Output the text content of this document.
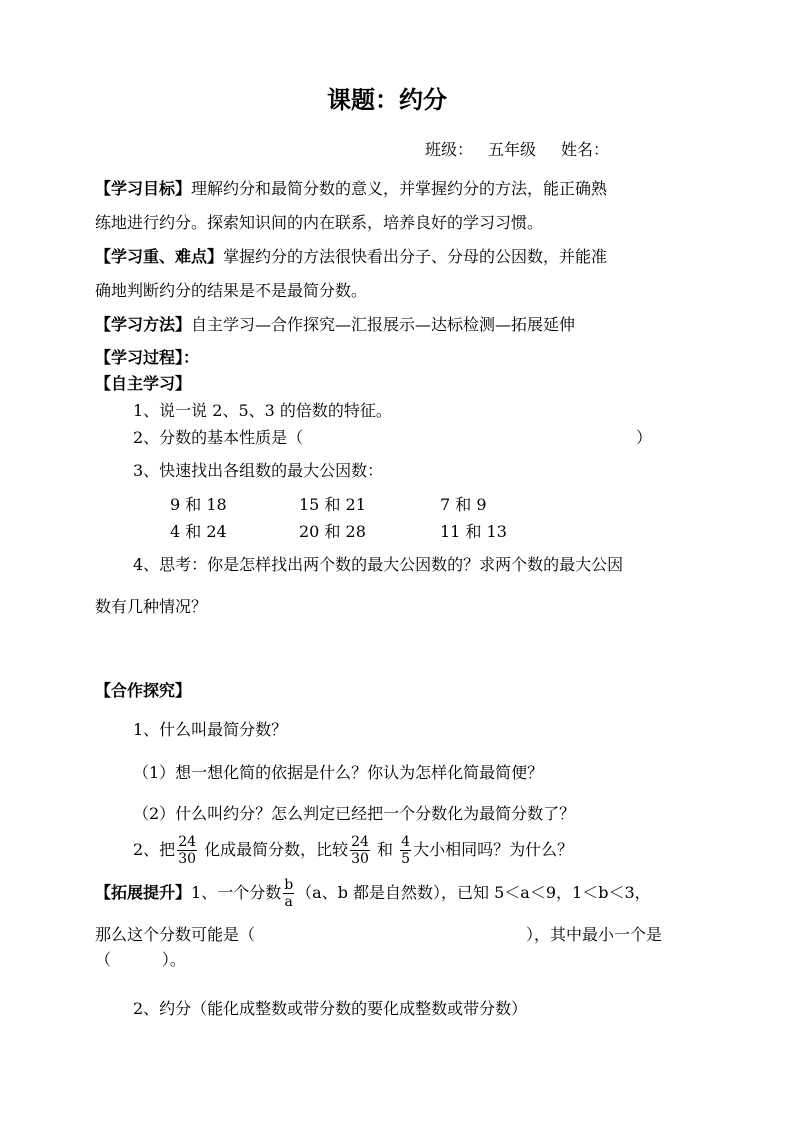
课题：约分
班级： 五年级 姓名：
【学习目标】理解约分和最简分数的意义，并掌握约分的方法，能正确熟
练地进行约分。探索知识间的内在联系，培养良好的学习习惯。
【学习重、难点】掌握约分的方法很快看出分子、分母的公因数，并能准
确地判断约分的结果是不是最简分数。
【学习方法】自主学习—合作探究—汇报展示—达标检测—拓展延伸
【学习过程】：
【自主学习】
1、说一说 2、5、3 的倍数的特征。
2、分数的基本性质是（	）
3、快速找出各组数的最大公因数：
9 和 18	15 和 21	7 和 9
4 和 24	20 和 28	11 和 13
4、思考：你是怎样找出两个数的最大公因数的？求两个数的最大公因
数有几种情况？
【合作探究】
1、什么叫最简分数？
（1）想一想化简的依据是什么？你认为怎样化简最简便？
（2）什么叫约分？怎么判定已经把一个分数化为最简分数了？
2、把 $\frac{24}{30}$ 化成最简分数，比较 $\frac{24}{30}$ 和 $\frac{4}{5}$ 大小相同吗？为什么？
【拓展提升】1、一个分数 $\frac{b}{a} (a$、b 都是自然数），已知 5＜a＜9，1＜b＜3，
那么这个分数可能是（	），其中最小一个是
（          ）。
2、约分（能化成整数或带分数的要化成整数或带分数）
